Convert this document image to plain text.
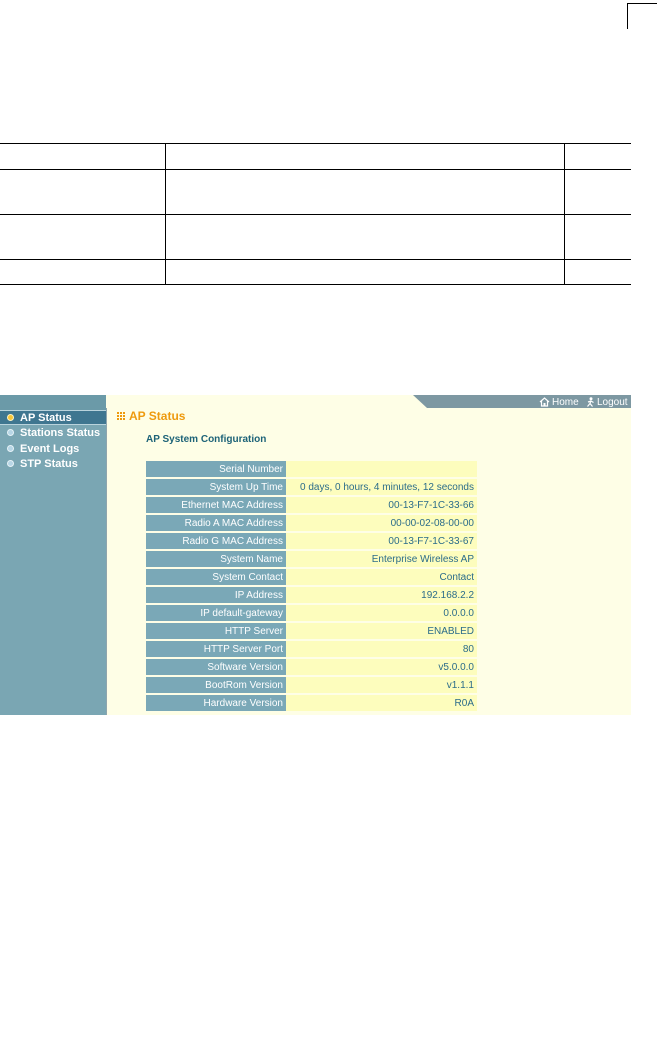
AP Status
Stations Status
Event Logs
STP Status
Home Logout
AP Status
AP System Configuration
Serial Number	
System Up Time	0 days, 0 hours, 4 minutes, 12 seconds
Ethernet MAC Address	00-13-F7-1C-33-66
Radio A MAC Address	00-00-02-08-00-00
Radio G MAC Address	00-13-F7-1C-33-67
System Name	Enterprise Wireless AP
System Contact	Contact
IP Address	192.168.2.2
IP default-gateway	0.0.0.0
HTTP Server	ENABLED
HTTP Server Port	80
Software Version	v5.0.0.0
BootRom Version	v1.1.1
Hardware Version	R0A
